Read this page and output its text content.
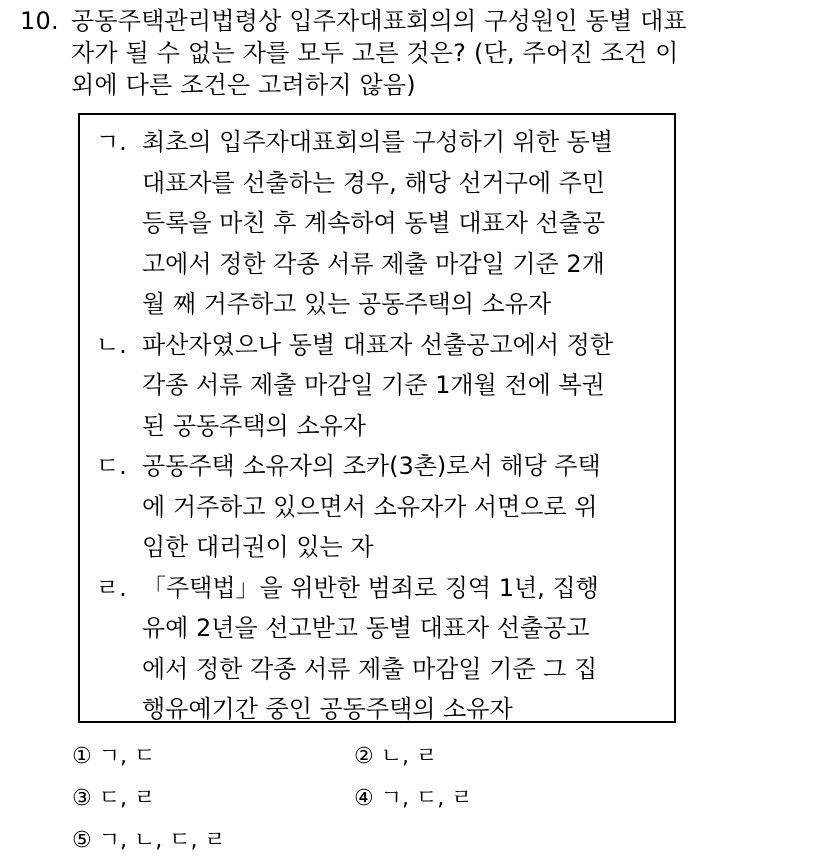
10. 공동주택관리법령상 입주자대표회의의 구성원인 동별 대표
자가 될 수 없는 자를 모두 고른 것은? (단, 주어진 조건 이
외에 다른 조건은 고려하지 않음)
ㄱ. 최초의 입주자대표회의를 구성하기 위한 동별
대표자를 선출하는 경우, 해당 선거구에 주민
등록을 마친 후 계속하여 동별 대표자 선출공
고에서 정한 각종 서류 제출 마감일 기준 2개
월 째 거주하고 있는 공동주택의 소유자
ㄴ. 파산자였으나 동별 대표자 선출공고에서 정한
각종 서류 제출 마감일 기준 1개월 전에 복권
된 공동주택의 소유자
ㄷ. 공동주택 소유자의 조카(3촌)로서 해당 주택
에 거주하고 있으면서 소유자가 서면으로 위
임한 대리권이 있는 자
ㄹ. 「주택법」을 위반한 범죄로 징역 1년, 집행
유예 2년을 선고받고 동별 대표자 선출공고
에서 정한 각종 서류 제출 마감일 기준 그 집
행유예기간 중인 공동주택의 소유자
① ㄱ, ㄷ	② ㄴ, ㄹ
③ ㄷ, ㄹ	④ ㄱ, ㄷ, ㄹ
⑤ ㄱ, ㄴ, ㄷ, ㄹ
